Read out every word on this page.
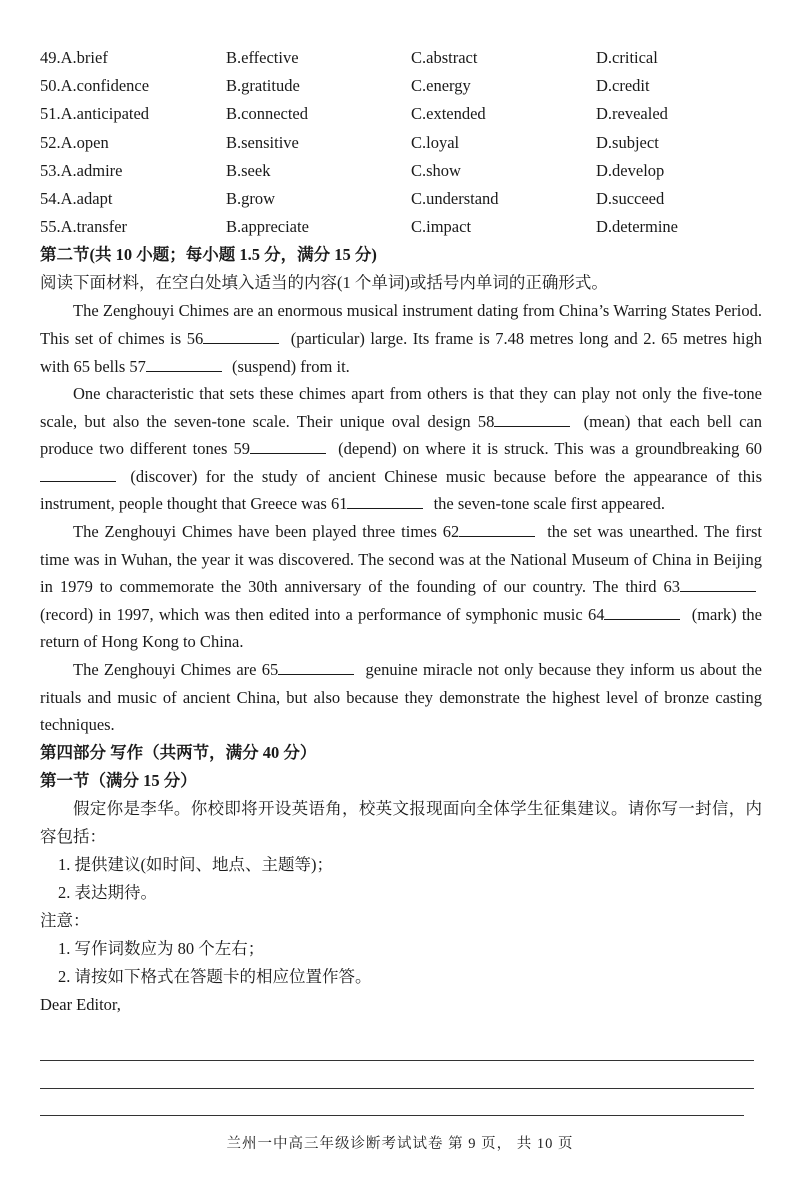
49.A.brief	B.effective	C.abstract	D.critical
50.A.confidence	B.gratitude	C.energy	D.credit
51.A.anticipated	B.connected	C.extended	D.revealed
52.A.open	B.sensitive	C.loyal	D.subject
53.A.admire	B.seek	C.show	D.develop
54.A.adapt	B.grow	C.understand	D.succeed
55.A.transfer	B.appreciate	C.impact	D.determine
第二节(共 10 小题；每小题 1.5 分，满分 15 分)
阅读下面材料，在空白处填入适当的内容(1 个单词)或括号内单词的正确形式。

The Zenghouyi Chimes are an enormous musical instrument dating from China’s Warring States Period. This set of chimes is 56	(particular) large. Its frame is 7.48 metres long and 2. 65 metres high with 65 bells 57	(suspend) from it.

One characteristic that sets these chimes apart from others is that they can play not only the five-tone scale, but also the seven-tone scale. Their unique oval design 58	(mean) that each bell can produce two different tones 59	(depend) on where it is struck. This was a groundbreaking 60 (discover) for the study of ancient Chinese music because before the appearance of this instrument, people thought that Greece was 61	the seven-tone scale first appeared.

The Zenghouyi Chimes have been played three times 62	the set was unearthed. The first time was in Wuhan, the year it was discovered. The second was at the National Museum of China in Beijing in 1979 to commemorate the 30th anniversary of the founding of our country. The third 63 (record) in 1997, which was then edited into a performance of symphonic music 64	(mark) the return of Hong Kong to China.

The Zenghouyi Chimes are 65	genuine miracle not only because they inform us about the rituals and music of ancient China, but also because they demonstrate the highest level of bronze casting techniques.

第四部分 写作（共两节，满分 40 分）
第一节（满分 15 分）

假定你是李华。你校即将开设英语角，校英文报现面向全体学生征集建议。请你写一封信，内容包括：

1. 提供建议(如时间、地点、主题等)；
2. 表达期待。
注意：
1. 写作词数应为 80 个左右；
2. 请按如下格式在答题卡的相应位置作答。
Dear Editor,
兰州一中高三年级诊断考试试卷 第 9 页， 共 10 页
